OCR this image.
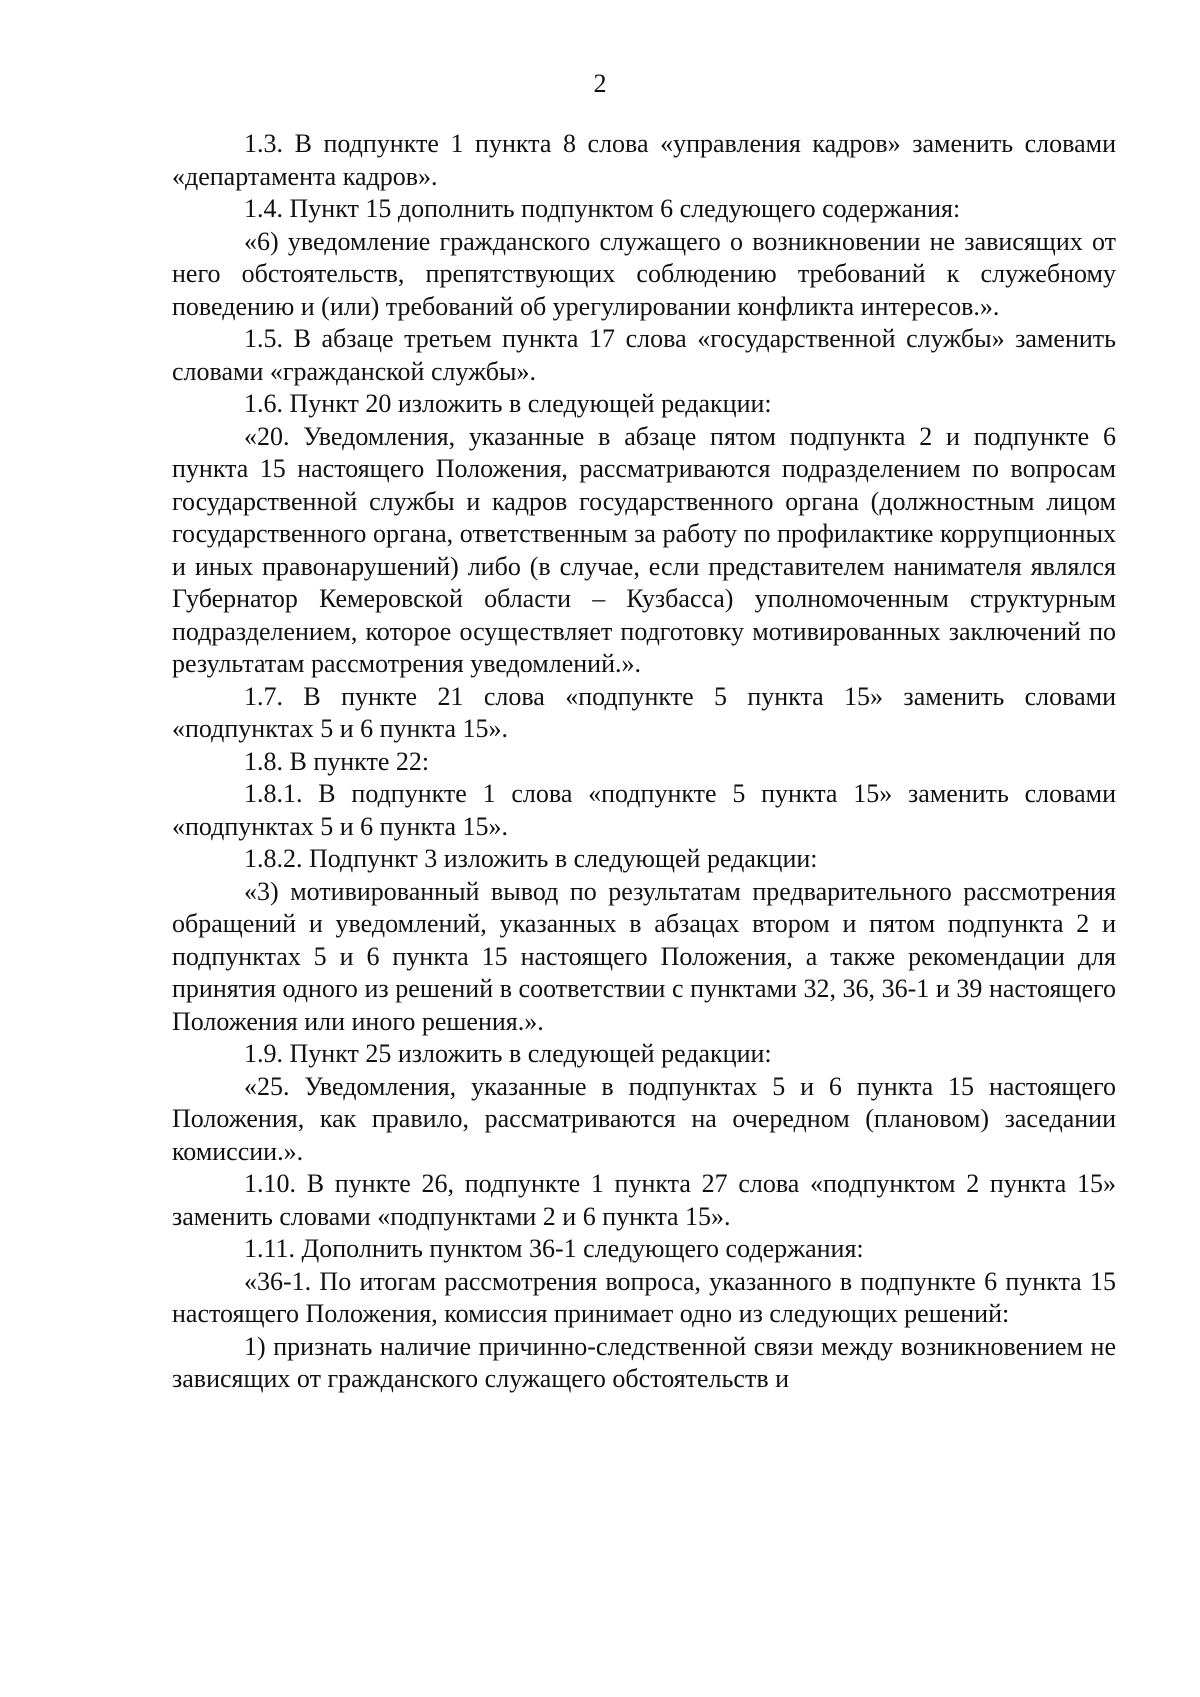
2

1.3. В подпункте 1 пункта 8 слова «управления кадров» заменить словами «департамента кадров».

1.4. Пункт 15 дополнить подпунктом 6 следующего содержания:

«6) уведомление гражданского служащего о возникновении не зависящих от него обстоятельств, препятствующих соблюдению требований к служебному поведению и (или) требований об урегулировании конфликта интересов.».

1.5. В абзаце третьем пункта 17 слова «государственной службы» заменить словами «гражданской службы».

1.6. Пункт 20 изложить в следующей редакции:

«20. Уведомления, указанные в абзаце пятом подпункта 2 и подпункте 6 пункта 15 настоящего Положения, рассматриваются подразделением по вопросам государственной службы и кадров государственного органа (должностным лицом государственного органа, ответственным за работу по профилактике коррупционных и иных правонарушений) либо (в случае, если представителем нанимателя являлся Губернатор Кемеровской области – Кузбасса) уполномоченным структурным подразделением, которое осуществляет подготовку мотивированных заключений по результатам рассмотрения уведомлений.».

1.7. В пункте 21 слова «подпункте 5 пункта 15» заменить словами «подпунктах 5 и 6 пункта 15».

1.8. В пункте 22:

1.8.1. В подпункте 1 слова «подпункте 5 пункта 15» заменить словами «подпунктах 5 и 6 пункта 15».

1.8.2. Подпункт 3 изложить в следующей редакции:

«3) мотивированный вывод по результатам предварительного рассмотрения обращений и уведомлений, указанных в абзацах втором и пятом подпункта 2 и подпунктах 5 и 6 пункта 15 настоящего Положения, а также рекомендации для принятия одного из решений в соответствии с пунктами 32, 36, 36-1 и 39 настоящего Положения или иного решения.».

1.9. Пункт 25 изложить в следующей редакции:

«25. Уведомления, указанные в подпунктах 5 и 6 пункта 15 настоящего Положения, как правило, рассматриваются на очередном (плановом) заседании комиссии.».

1.10. В пункте 26, подпункте 1 пункта 27 слова «подпунктом 2 пункта 15» заменить словами «подпунктами 2 и 6 пункта 15».

1.11. Дополнить пунктом 36-1 следующего содержания:

«36-1. По итогам рассмотрения вопроса, указанного в подпункте 6 пункта 15 настоящего Положения, комиссия принимает одно из следующих решений:

1) признать наличие причинно-следственной связи между возникновением не зависящих от гражданского служащего обстоятельств и
